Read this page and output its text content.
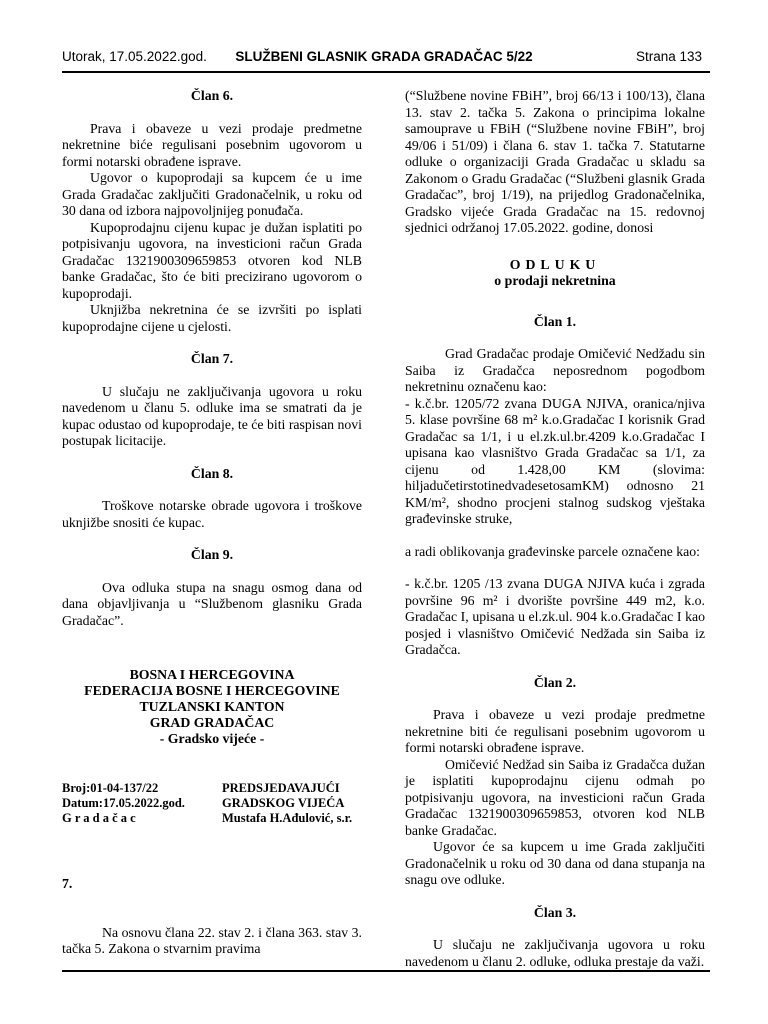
Utorak, 17.05.2022.god.	SLUŽBENI GLASNIK GRADA GRADAČAC 5/22	Strana 133

Član 6.

Prava i obaveze u vezi prodaje predmetne nekretnine biće regulisani posebnim ugovorom u formi notarski obrađene isprave.

Ugovor o kupoprodaji sa kupcem će u ime Grada Gradačac zaključiti Gradonačelnik, u roku od 30 dana od izbora najpovoljnijeg ponuđača.

Kupoprodajnu cijenu kupac je dužan isplatiti po potpisivanju ugovora, na investicioni račun Grada Gradačac 1321900309659853 otvoren kod NLB banke Gradačac, što će biti precizirano ugovorom o kupoprodaji.

Uknjižba nekretnina će se izvršiti po isplati kupoprodajne cijene u cjelosti.

Član 7.

U slučaju ne zaključivanja ugovora u roku navedenom u članu 5. odluke ima se smatrati da je kupac odustao od kupoprodaje, te će biti raspisan novi postupak licitacije.

Član 8.

Troškove notarske obrade ugovora i troškove uknjižbe snositi će kupac.

Član 9.

Ova odluka stupa na snagu osmog dana od dana objavljivanja u “Službenom glasniku Grada Gradačac”.

BOSNA I HERCEGOVINA

FEDERACIJA BOSNE I HERCEGOVINE

TUZLANSKI KANTON

GRAD GRADAČAC

- Gradsko vijeće -

Broj:01-04-137/22
Datum:17.05.2022.god.
G r a d a č a c
PREDSJEDAVAJUĆI
GRADSKOG VIJEĆA
Mustafa H.Ađulović, s.r.

7.

Na osnovu člana 22. stav 2. i člana 363. stav 3. tačka 5. Zakona o stvarnim pravima

(“Službene novine FBiH”, broj 66/13 i 100/13), člana 13. stav 2. tačka 5. Zakona o principima lokalne samouprave u FBiH (“Službene novine FBiH”, broj 49/06 i 51/09) i člana 6. stav 1. tačka 7. Statutarne odluke o organizaciji Grada Gradačac u skladu sa Zakonom o Gradu Gradačac (“Službeni glasnik Grada Gradačac”, broj 1/19), na prijedlog Gradonačelnika, Gradsko vijeće Grada Gradačac na 15. redovnoj sjednici održanoj 17.05.2022. godine, donosi

ODLUKU

o prodaji nekretnina

Član 1.

Grad Gradačac prodaje Omičević Nedžadu sin Saiba iz Gradačca neposrednom pogodbom nekretninu označenu kao:

- k.č.br. 1205/72 zvana DUGA NJIVA, oranica/njiva 5. klase površine 68 m² k.o.Gradačac I korisnik Grad Gradačac sa 1/1, i u el.zk.ul.br.4209 k.o.Gradačac I upisana kao vlasništvo Grada Gradačac sa 1/1, za cijenu od 1.428,00 KM (slovima: hiljadučetirstotinedvadesetosamKM) odnosno 21 KM/m², shodno procjeni stalnog sudskog vještaka građevinske struke,

a radi oblikovanja građevinske parcele označene kao:

- k.č.br. 1205 /13 zvana DUGA NJIVA kuća i zgrada površine 96 m² i dvorište površine 449 m2, k.o. Gradačac I, upisana u el.zk.ul. 904 k.o.Gradačac I kao posjed i vlasništvo Omičević Nedžada sin Saiba iz Gradačca.

Član 2.

Prava i obaveze u vezi prodaje predmetne nekretnine biti će regulisani posebnim ugovorom u formi notarski obrađene isprave.

Omičević Nedžad sin Saiba iz Gradačca dužan je isplatiti kupoprodajnu cijenu odmah po potpisivanju ugovora, na investicioni račun Grada Gradačac 1321900309659853, otvoren kod NLB banke Gradačac.

Ugovor će sa kupcem u ime Grada zaključiti Gradonačelnik u roku od 30 dana od dana stupanja na snagu ove odluke.

Član 3.

U slučaju ne zaključivanja ugovora u roku navedenom u članu 2. odluke, odluka prestaje da važi.
